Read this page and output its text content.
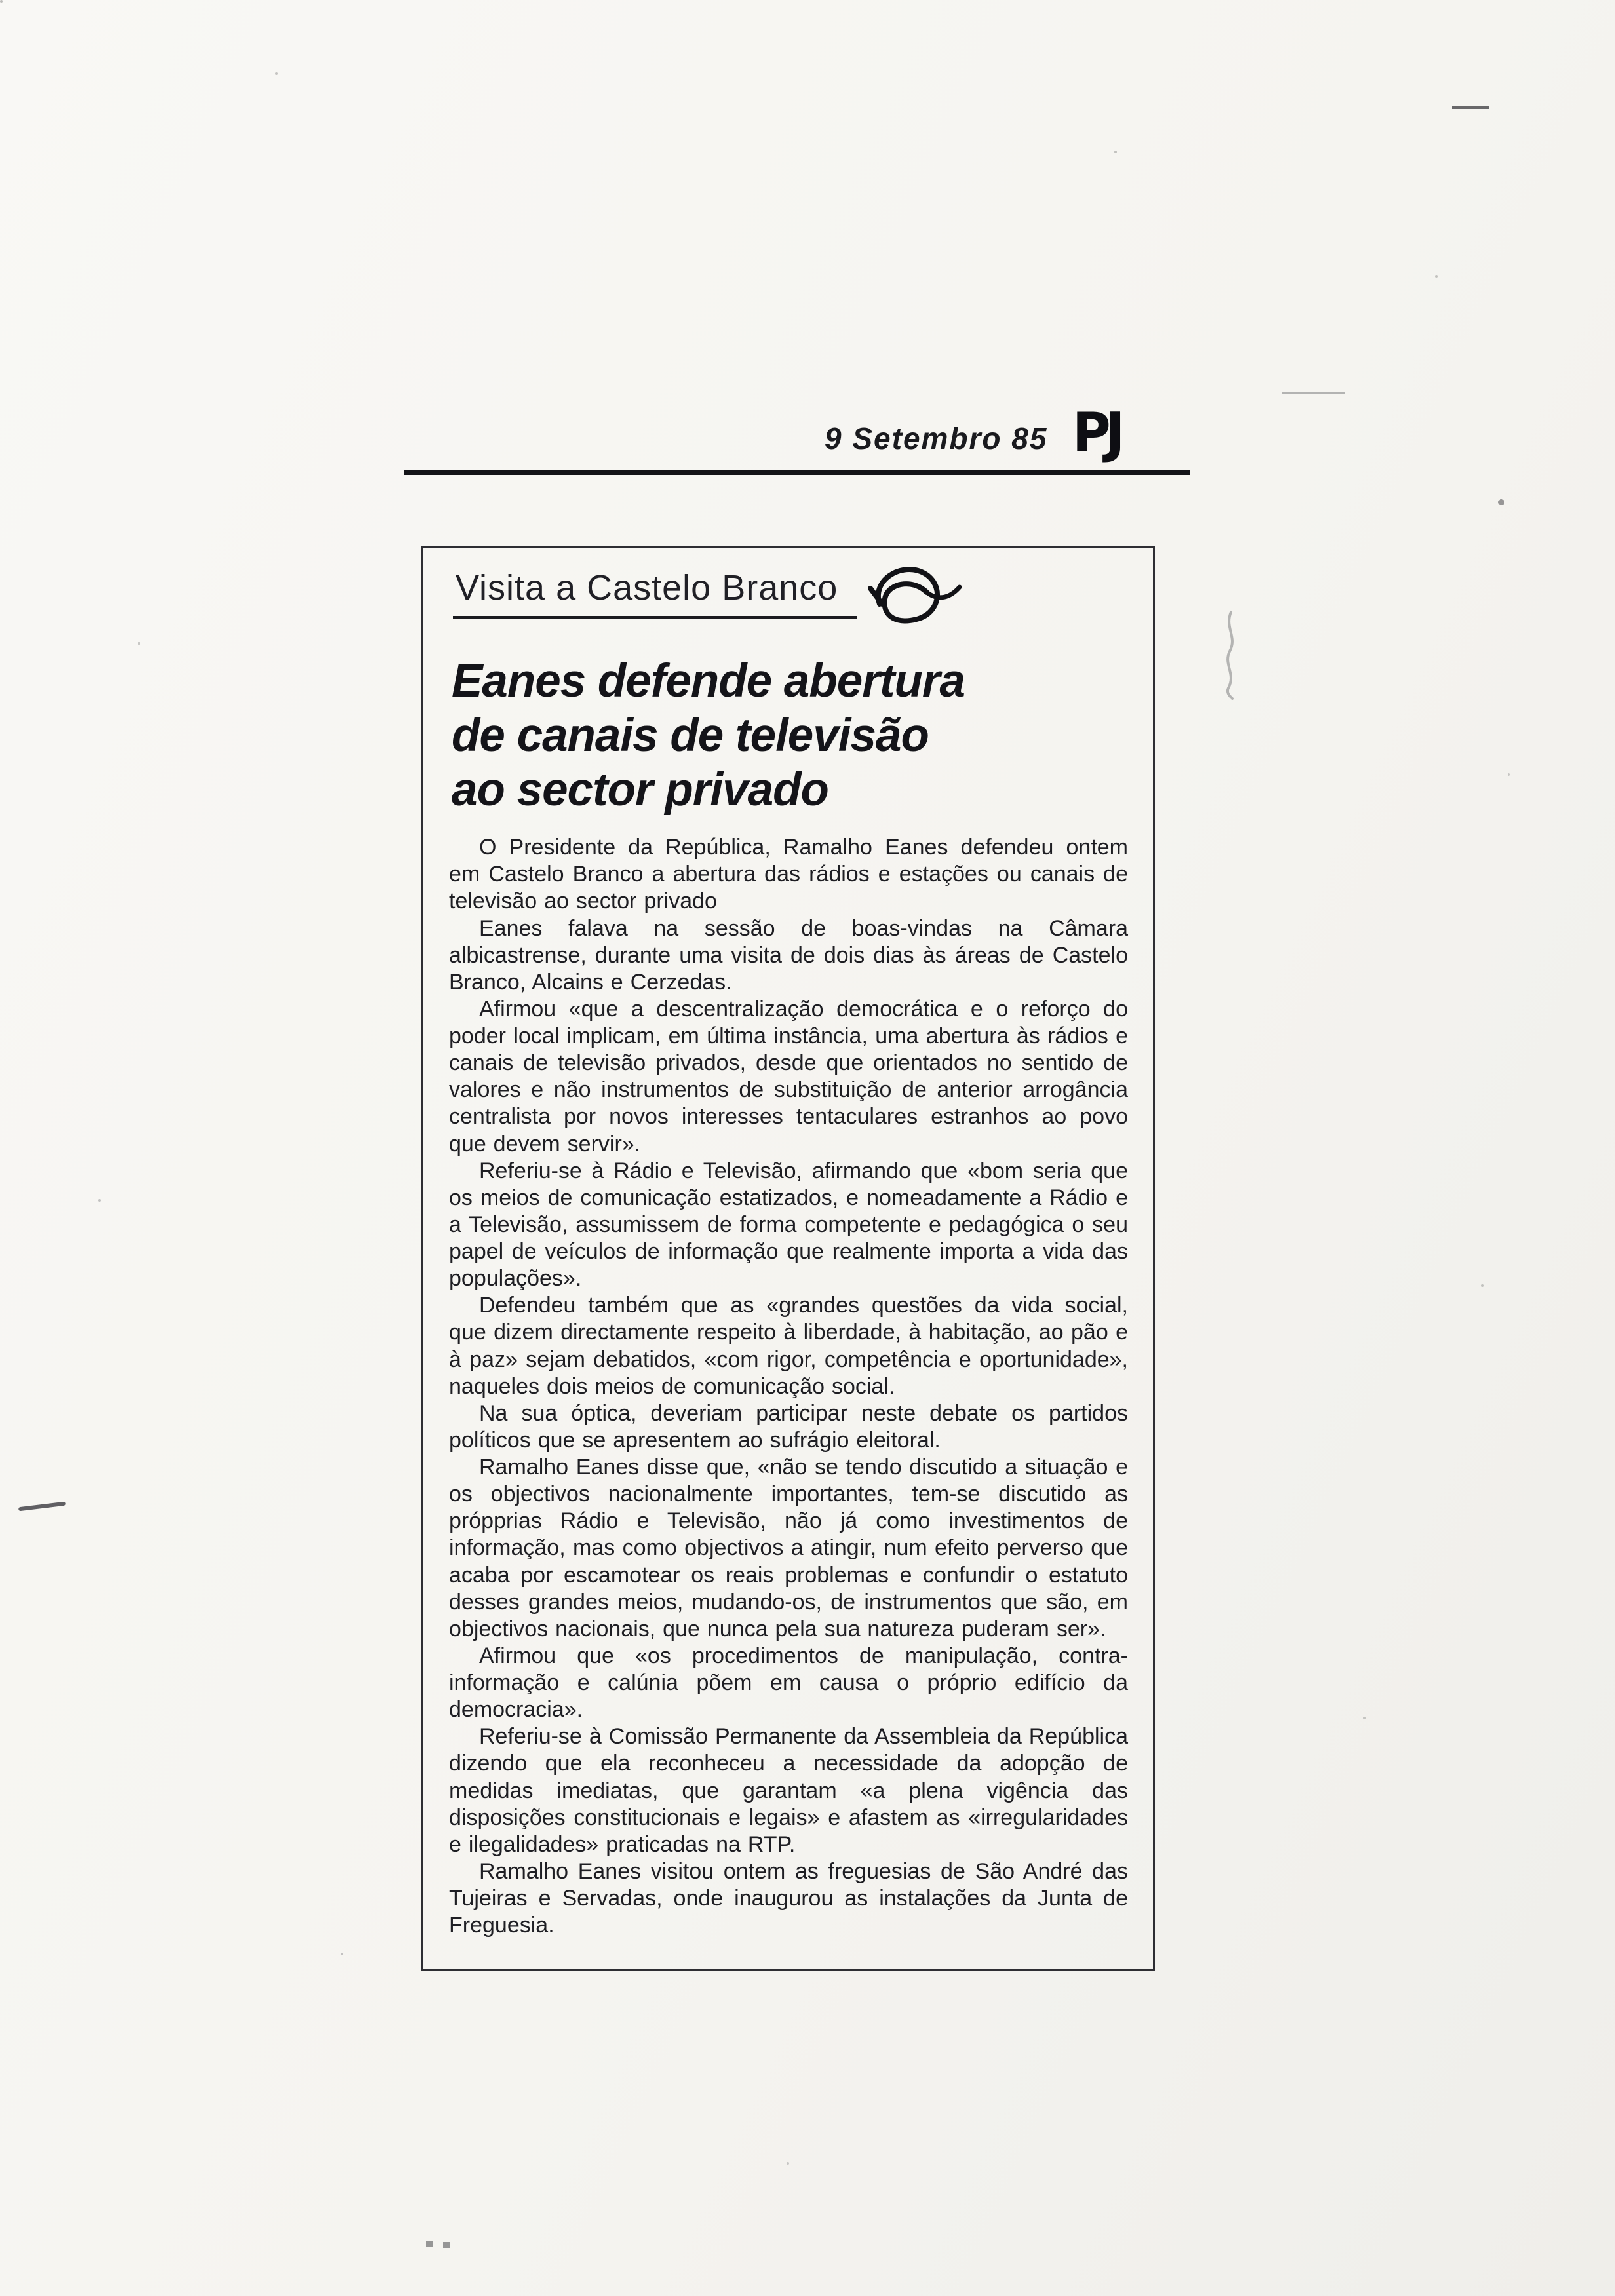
9 Setembro 85 PJ
Visita a Castelo Branco
Eanes defende abertura
de canais de televisão
ao sector privado

O Presidente da República, Ramalho Eanes defendeu ontem em Castelo Branco a abertura das rádios e estações ou canais de televisão ao sector privado

Eanes falava na sessão de boas-vindas na Câmara albicastrense, durante uma visita de dois dias às áreas de Castelo Branco, Alcains e Cerzedas.

Afirmou «que a descentralização democrática e o reforço do poder local implicam, em última instância, uma abertura às rádios e canais de televisão privados, desde que orientados no sentido de valores e não instrumentos de substituição de anterior arrogância centralista por novos interesses tentaculares estranhos ao povo que devem servir».

Referiu-se à Rádio e Televisão, afirmando que «bom seria que os meios de comunicação estatizados, e nomeadamente a Rádio e a Televisão, assumissem de forma competente e pedagógica o seu papel de veículos de informação que realmente importa a vida das populações».

Defendeu também que as «grandes questões da vida social, que dizem directamente respeito à liberdade, à habitação, ao pão e à paz» sejam debatidos, «com rigor, competência e oportunidade», naqueles dois meios de comunicação social.

Na sua óptica, deveriam participar neste debate os partidos políticos que se apresentem ao sufrágio eleitoral.

Ramalho Eanes disse que, «não se tendo discutido a situação e os objectivos nacionalmente importantes, tem-se discutido as própprias Rádio e Televisão, não já como investimentos de informação, mas como objectivos a atingir, num efeito perverso que acaba por escamotear os reais problemas e confundir o estatuto desses grandes meios, mudando-os, de instrumentos que são, em objectivos nacionais, que nunca pela sua natureza puderam ser».

Afirmou que «os procedimentos de manipulação, contra-informação e calúnia põem em causa o próprio edifício da democracia».

Referiu-se à Comissão Permanente da Assembleia da República dizendo que ela reconheceu a necessidade da adopção de medidas imediatas, que garantam «a plena vigência das disposições constitucionais e legais» e afastem as «irregularidades e ilegalidades» praticadas na RTP.

Ramalho Eanes visitou ontem as freguesias de São André das Tujeiras e Servadas, onde inaugurou as instalações da Junta de Freguesia.
